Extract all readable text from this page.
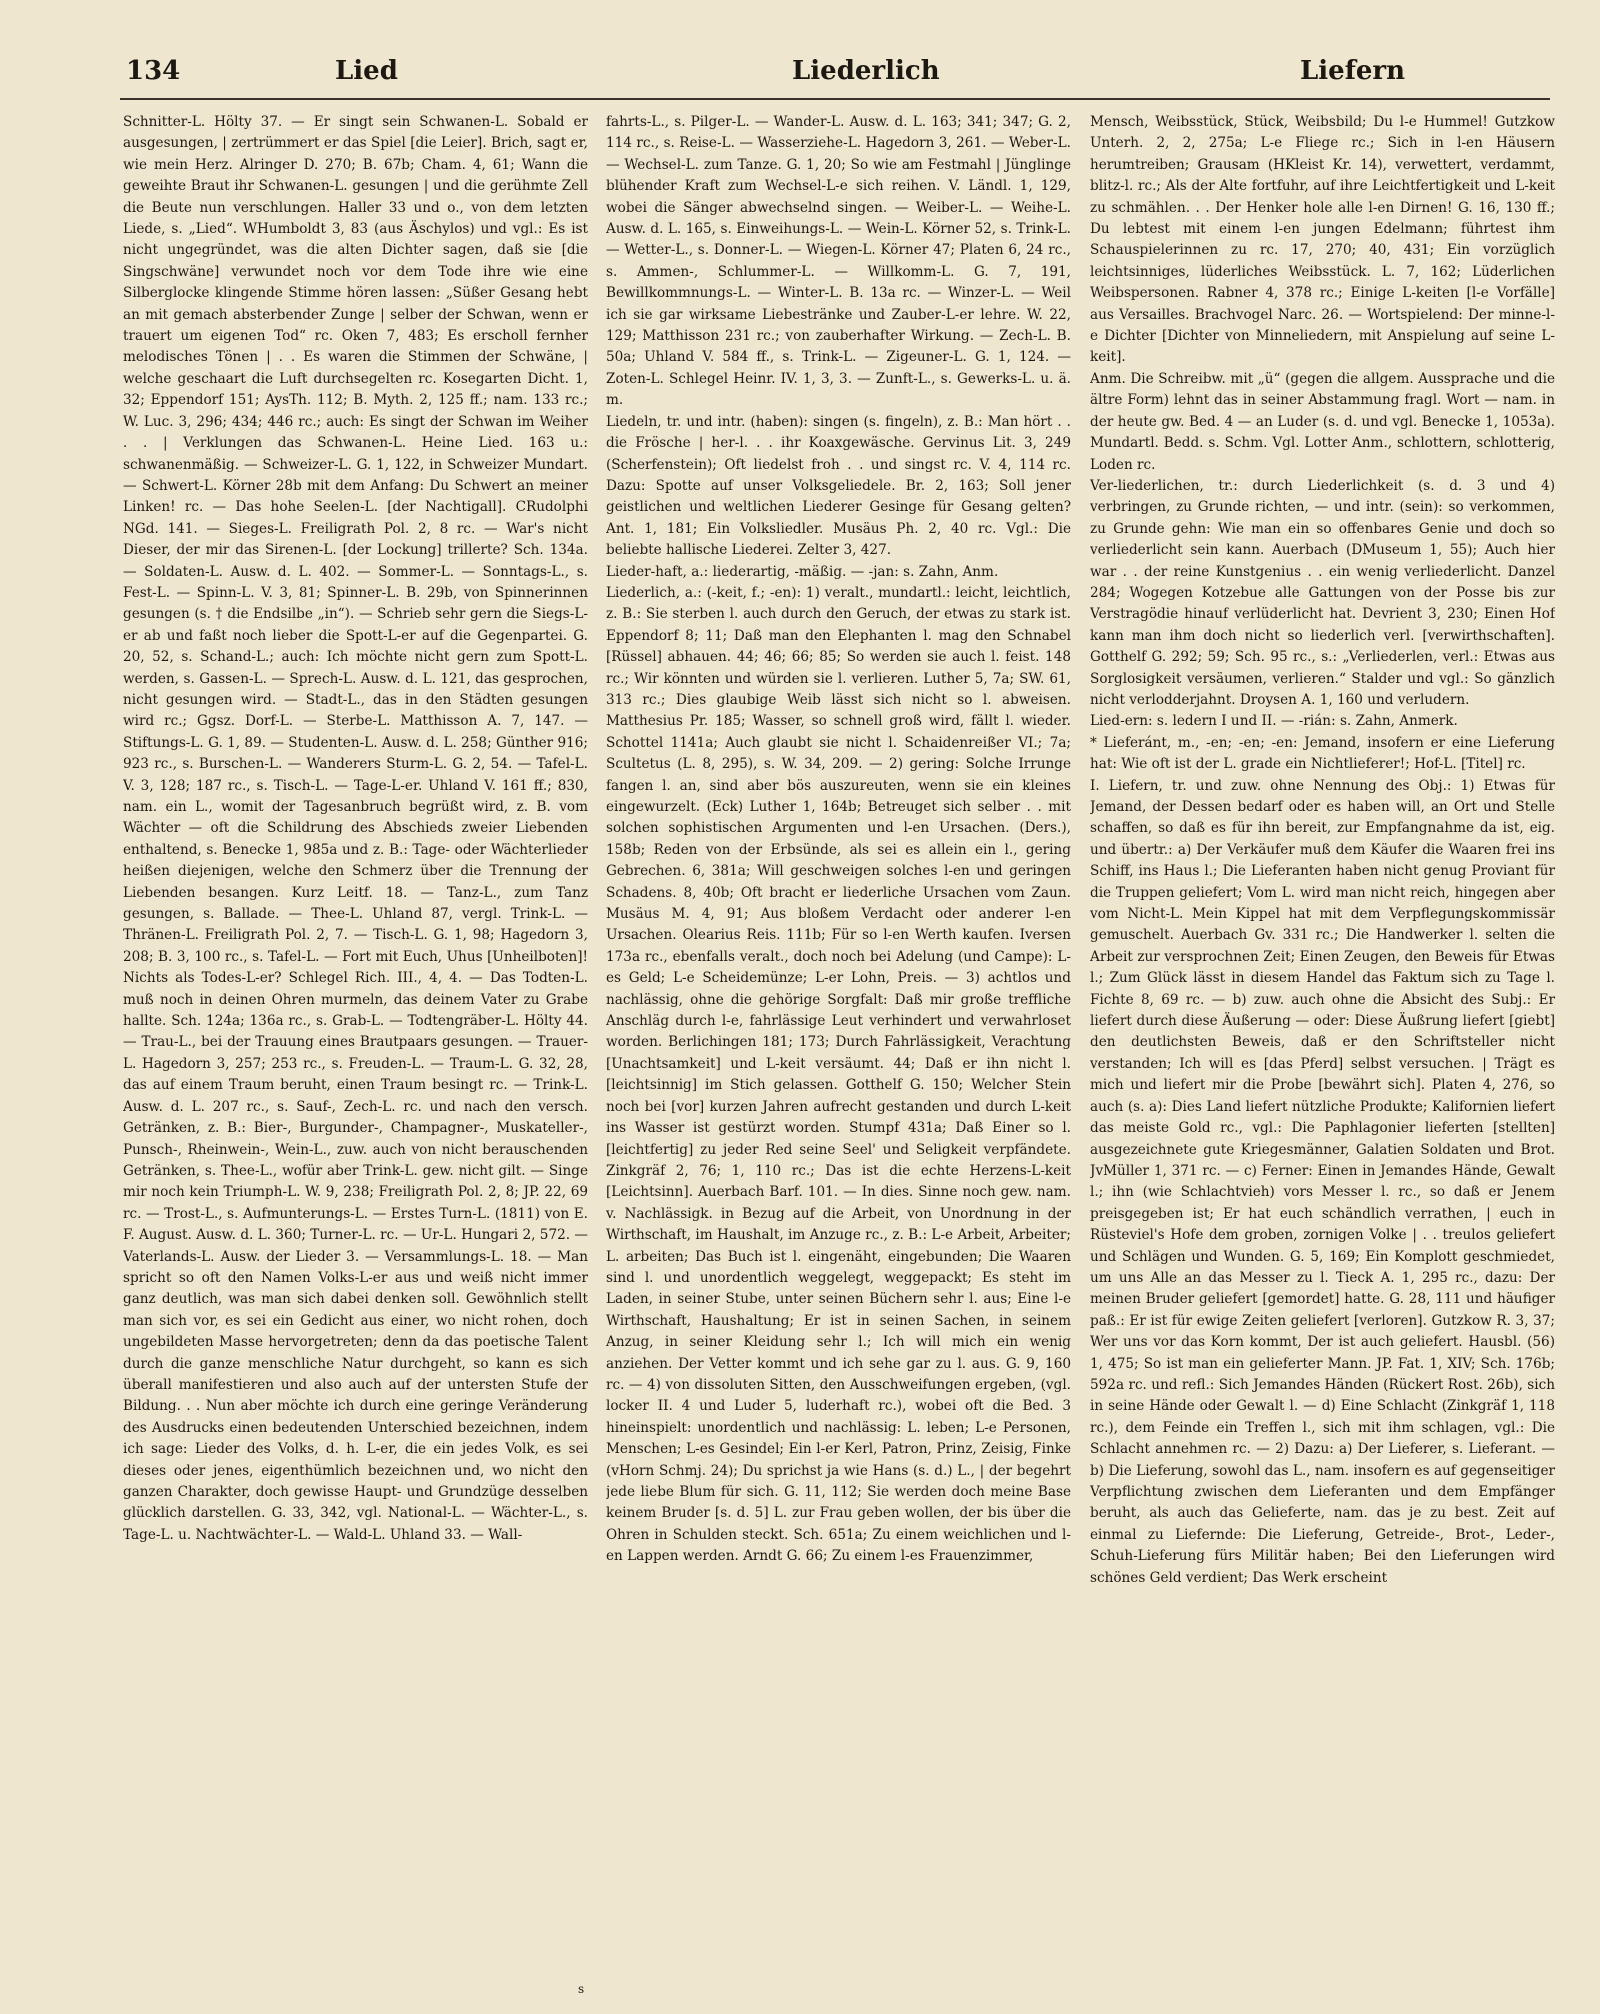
134	Lied	Liederlich	Liefern

Schnitter-L. Hölty 37. — Er singt sein Schwanen-L. Sobald er ausgesungen, | zertrümmert er das Spiel [die Leier]. Brich, sagt er, wie mein Herz. Alringer D. 270; B. 67b; Cham. 4, 61; Wann die geweihte Braut ihr Schwanen-L. gesungen | und die gerühmte Zell die Beute nun verschlungen. Haller 33 und o., von dem letzten Liede, s. „Lied“. WHumboldt 3, 83 (aus Äschylos) und vgl.: Es ist nicht ungegründet, was die alten Dichter sagen, daß sie [die Singschwäne] verwundet noch vor dem Tode ihre wie eine Silberglocke klingende Stimme hören lassen: „Süßer Gesang hebt an mit gemach absterbender Zunge | selber der Schwan, wenn er trauert um eigenen Tod“ rc. Oken 7, 483; Es erscholl fernher melodisches Tönen | . . Es waren die Stimmen der Schwäne, | welche geschaart die Luft durchsegelten rc. Kosegarten Dicht. 1, 32; Eppendorf 151; AysTh. 112; B. Myth. 2, 125 ff.; nam. 133 rc.; W. Luc. 3, 296; 434; 446 rc.; auch: Es singt der Schwan im Weiher . . | Verklungen das Schwanen-L. Heine Lied. 163 u.: schwanenmäßig. — Schweizer-L. G. 1, 122, in Schweizer Mundart. — Schwert-L. Körner 28b mit dem Anfang: Du Schwert an meiner Linken! rc. — Das hohe Seelen-L. [der Nachtigall]. CRudolphi NGd. 141. — Sieges-L. Freiligrath Pol. 2, 8 rc. — War's nicht Dieser, der mir das Sirenen-L. [der Lockung] trillerte? Sch. 134a. — Soldaten-L. Ausw. d. L. 402. — Sommer-L. — Sonntags-L., s. Fest-L. — Spinn-L. V. 3, 81; Spinner-L. B. 29b, von Spinnerinnen gesungen (s. † die Endsilbe „in“). — Schrieb sehr gern die Siegs-L-er ab und faßt noch lieber die Spott-L-er auf die Gegenpartei. G. 20, 52, s. Schand-L.; auch: Ich möchte nicht gern zum Spott-L. werden, s. Gassen-L. — Sprech-L. Ausw. d. L. 121, das gesprochen, nicht gesungen wird. — Stadt-L., das in den Städten gesungen wird rc.; Ggsz. Dorf-L. — Sterbe-L. Matthisson A. 7, 147. — Stiftungs-L. G. 1, 89. — Studenten-L. Ausw. d. L. 258; Günther 916; 923 rc., s. Burschen-L. — Wanderers Sturm-L. G. 2, 54. — Tafel-L. V. 3, 128; 187 rc., s. Tisch-L. — Tage-L-er. Uhland V. 161 ff.; 830, nam. ein L., womit der Tagesanbruch begrüßt wird, z. B. vom Wächter — oft die Schildrung des Abschieds zweier Liebenden enthaltend, s. Benecke 1, 985a und z. B.: Tage- oder Wächterlieder heißen diejenigen, welche den Schmerz über die Trennung der Liebenden besangen. Kurz Leitf. 18. — Tanz-L., zum Tanz gesungen, s. Ballade. — Thee-L. Uhland 87, vergl. Trink-L. — Thränen-L. Freiligrath Pol. 2, 7. — Tisch-L. G. 1, 98; Hagedorn 3, 208; B. 3, 100 rc., s. Tafel-L. — Fort mit Euch, Uhus [Unheilboten]! Nichts als Todes-L-er? Schlegel Rich. III., 4, 4. — Das Todten-L. muß noch in deinen Ohren murmeln, das deinem Vater zu Grabe hallte. Sch. 124a; 136a rc., s. Grab-L. — Todtengräber-L. Hölty 44. — Trau-L., bei der Trauung eines Brautpaars gesungen. — Trauer-L. Hagedorn 3, 257; 253 rc., s. Freuden-L. — Traum-L. G. 32, 28, das auf einem Traum beruht, einen Traum besingt rc. — Trink-L. Ausw. d. L. 207 rc., s. Sauf-, Zech-L. rc. und nach den versch. Getränken, z. B.: Bier-, Burgunder-, Champagner-, Muskateller-, Punsch-, Rheinwein-, Wein-L., zuw. auch von nicht berauschenden Getränken, s. Thee-L., wofür aber Trink-L. gew. nicht gilt. — Singe mir noch kein Triumph-L. W. 9, 238; Freiligrath Pol. 2, 8; JP. 22, 69 rc. — Trost-L., s. Aufmunterungs-L. — Erstes Turn-L. (1811) von E. F. August. Ausw. d. L. 360; Turner-L. rc. — Ur-L. Hungari 2, 572. — Vaterlands-L. Ausw. der Lieder 3. — Versammlungs-L. 18. — Man spricht so oft den Namen Volks-L-er aus und weiß nicht immer ganz deutlich, was man sich dabei denken soll. Gewöhnlich stellt man sich vor, es sei ein Gedicht aus einer, wo nicht rohen, doch ungebildeten Masse hervorgetreten; denn da das poetische Talent durch die ganze menschliche Natur durchgeht, so kann es sich überall manifestieren und also auch auf der untersten Stufe der Bildung. . . Nun aber möchte ich durch eine geringe Veränderung des Ausdrucks einen bedeutenden Unterschied bezeichnen, indem ich sage: Lieder des Volks, d. h. L-er, die ein jedes Volk, es sei dieses oder jenes, eigenthümlich bezeichnen und, wo nicht den ganzen Charakter, doch gewisse Haupt- und Grundzüge desselben glücklich darstellen. G. 33, 342, vgl. National-L. — Wächter-L., s. Tage-L. u. Nachtwächter-L. — Wald-L. Uhland 33. — Wall-

fahrts-L., s. Pilger-L. — Wander-L. Ausw. d. L. 163; 341; 347; G. 2, 114 rc., s. Reise-L. — Wasserziehe-L. Hagedorn 3, 261. — Weber-L. — Wechsel-L. zum Tanze. G. 1, 20; So wie am Festmahl | Jünglinge blühender Kraft zum Wechsel-L-e sich reihen. V. Ländl. 1, 129, wobei die Sänger abwechselnd singen. — Weiber-L. — Weihe-L. Ausw. d. L. 165, s. Einweihungs-L. — Wein-L. Körner 52, s. Trink-L. — Wetter-L., s. Donner-L. — Wiegen-L. Körner 47; Platen 6, 24 rc., s. Ammen-, Schlummer-L. — Willkomm-L. G. 7, 191, Bewillkommnungs-L. — Winter-L. B. 13a rc. — Winzer-L. — Weil ich sie gar wirksame Liebestränke und Zauber-L-er lehre. W. 22, 129; Matthisson 231 rc.; von zauberhafter Wirkung. — Zech-L. B. 50a; Uhland V. 584 ff., s. Trink-L. — Zigeuner-L. G. 1, 124. — Zoten-L. Schlegel Heinr. IV. 1, 3, 3. — Zunft-L., s. Gewerks-L. u. ä. m.

Liedeln, tr. und intr. (haben): singen (s. fingeln), z. B.: Man hört . . die Frösche | her-l. . . ihr Koaxgewäsche. Gervinus Lit. 3, 249 (Scherfenstein); Oft liedelst froh . . und singst rc. V. 4, 114 rc. Dazu: Spotte auf unser Volksgeliedele. Br. 2, 163; Soll jener geistlichen und weltlichen Liederer Gesinge für Gesang gelten? Ant. 1, 181; Ein Volksliedler. Musäus Ph. 2, 40 rc. Vgl.: Die beliebte hallische Liederei. Zelter 3, 427.

Lieder-haft, a.: liederartig, -mäßig. — -jan: s. Zahn, Anm.

Liederlich, a.: (-keit, f.; -en): 1) veralt., mundartl.: leicht, leichtlich, z. B.: Sie sterben l. auch durch den Geruch, der etwas zu stark ist. Eppendorf 8; 11; Daß man den Elephanten l. mag den Schnabel [Rüssel] abhauen. 44; 46; 66; 85; So werden sie auch l. feist. 148 rc.; Wir könnten und würden sie l. verlieren. Luther 5, 7a; SW. 61, 313 rc.; Dies glaubige Weib lässt sich nicht so l. abweisen. Matthesius Pr. 185; Wasser, so schnell groß wird, fällt l. wieder. Schottel 1141a; Auch glaubt sie nicht l. Schaidenreißer VI.; 7a; Scultetus (L. 8, 295), s. W. 34, 209. — 2) gering: Solche Irrunge fangen l. an, sind aber bös auszureuten, wenn sie ein kleines eingewurzelt. (Eck) Luther 1, 164b; Betreuget sich selber . . mit solchen sophistischen Argumenten und l-en Ursachen. (Ders.), 158b; Reden von der Erbsünde, als sei es allein ein l., gering Gebrechen. 6, 381a; Will geschweigen solches l-en und geringen Schadens. 8, 40b; Oft bracht er liederliche Ursachen vom Zaun. Musäus M. 4, 91; Aus bloßem Verdacht oder anderer l-en Ursachen. Olearius Reis. 111b; Für so l-en Werth kaufen. Iversen 173a rc., ebenfalls veralt., doch noch bei Adelung (und Campe): L-es Geld; L-e Scheidemünze; L-er Lohn, Preis. — 3) achtlos und nachlässig, ohne die gehörige Sorgfalt: Daß mir große treffliche Anschläg durch l-e, fahrlässige Leut verhindert und verwahrloset worden. Berlichingen 181; 173; Durch Fahrlässigkeit, Verachtung [Unachtsamkeit] und L-keit versäumt. 44; Daß er ihn nicht l. [leichtsinnig] im Stich gelassen. Gotthelf G. 150; Welcher Stein noch bei [vor] kurzen Jahren aufrecht gestanden und durch L-keit ins Wasser ist gestürzt worden. Stumpf 431a; Daß Einer so l. [leichtfertig] zu jeder Red seine Seel' und Seligkeit verpfändete. Zinkgräf 2, 76; 1, 110 rc.; Das ist die echte Herzens-L-keit [Leichtsinn]. Auerbach Barf. 101. — In dies. Sinne noch gew. nam. v. Nachlässigk. in Bezug auf die Arbeit, von Unordnung in der Wirthschaft, im Haushalt, im Anzuge rc., z. B.: L-e Arbeit, Arbeiter; L. arbeiten; Das Buch ist l. eingenäht, eingebunden; Die Waaren sind l. und unordentlich weggelegt, weggepackt; Es steht im Laden, in seiner Stube, unter seinen Büchern sehr l. aus; Eine l-e Wirthschaft, Haushaltung; Er ist in seinen Sachen, in seinem Anzug, in seiner Kleidung sehr l.; Ich will mich ein wenig anziehen. Der Vetter kommt und ich sehe gar zu l. aus. G. 9, 160 rc. — 4) von dissoluten Sitten, den Ausschweifungen ergeben, (vgl. locker II. 4 und Luder 5, luderhaft rc.), wobei oft die Bed. 3 hineinspielt: unordentlich und nachlässig: L. leben; L-e Personen, Menschen; L-es Gesindel; Ein l-er Kerl, Patron, Prinz, Zeisig, Finke (vHorn Schmj. 24); Du sprichst ja wie Hans (s. d.) L., | der begehrt jede liebe Blum für sich. G. 11, 112; Sie werden doch meine Base keinem Bruder [s. d. 5] L. zur Frau geben wollen, der bis über die Ohren in Schulden steckt. Sch. 651a; Zu einem weichlichen und l-en Lappen werden. Arndt G. 66; Zu einem l-es Frauenzimmer,

Mensch, Weibsstück, Stück, Weibsbild; Du l-e Hummel! Gutzkow Unterh. 2, 2, 275a; L-e Fliege rc.; Sich in l-en Häusern herumtreiben; Grausam (HKleist Kr. 14), verwettert, verdammt, blitz-l. rc.; Als der Alte fortfuhr, auf ihre Leichtfertigkeit und L-keit zu schmählen. . . Der Henker hole alle l-en Dirnen! G. 16, 130 ff.; Du lebtest mit einem l-en jungen Edelmann; führtest ihm Schauspielerinnen zu rc. 17, 270; 40, 431; Ein vorzüglich leichtsinniges, lüderliches Weibsstück. L. 7, 162; Lüderlichen Weibspersonen. Rabner 4, 378 rc.; Einige L-keiten [l-e Vorfälle] aus Versailles. Brachvogel Narc. 26. — Wortspielend: Der minne-l-e Dichter [Dichter von Minneliedern, mit Anspielung auf seine L-keit].

Anm. Die Schreibw. mit „ü“ (gegen die allgem. Aussprache und die ältre Form) lehnt das in seiner Abstammung fragl. Wort — nam. in der heute gw. Bed. 4 — an Luder (s. d. und vgl. Benecke 1, 1053a). Mundartl. Bedd. s. Schm. Vgl. Lotter Anm., schlottern, schlotterig, Loden rc.

Ver-liederlichen, tr.: durch Liederlichkeit (s. d. 3 und 4) verbringen, zu Grunde richten, — und intr. (sein): so verkommen, zu Grunde gehn: Wie man ein so offenbares Genie und doch so verliederlicht sein kann. Auerbach (DMuseum 1, 55); Auch hier war . . der reine Kunstgenius . . ein wenig verliederlicht. Danzel 284; Wogegen Kotzebue alle Gattungen von der Posse bis zur Verstragödie hinauf verlüderlicht hat. Devrient 3, 230; Einen Hof kann man ihm doch nicht so liederlich verl. [verwirthschaften]. Gotthelf G. 292; 59; Sch. 95 rc., s.: „Verliederlen, verl.: Etwas aus Sorglosigkeit versäumen, verlieren.“ Stalder und vgl.: So gänzlich nicht verlodderjahnt. Droysen A. 1, 160 und verludern.

Lied-ern: s. ledern I und II. — -rián: s. Zahn, Anmerk.

* Lieferánt, m., -en; -en; -en: Jemand, insofern er eine Lieferung hat: Wie oft ist der L. grade ein Nichtlieferer!; Hof-L. [Titel] rc.

I. Liefern, tr. und zuw. ohne Nennung des Obj.: 1) Etwas für Jemand, der Dessen bedarf oder es haben will, an Ort und Stelle schaffen, so daß es für ihn bereit, zur Empfangnahme da ist, eig. und übertr.: a) Der Verkäufer muß dem Käufer die Waaren frei ins Schiff, ins Haus l.; Die Lieferanten haben nicht genug Proviant für die Truppen geliefert; Vom L. wird man nicht reich, hingegen aber vom Nicht-L. Mein Kippel hat mit dem Verpflegungskommissär gemuschelt. Auerbach Gv. 331 rc.; Die Handwerker l. selten die Arbeit zur versprochnen Zeit; Einen Zeugen, den Beweis für Etwas l.; Zum Glück lässt in diesem Handel das Faktum sich zu Tage l. Fichte 8, 69 rc. — b) zuw. auch ohne die Absicht des Subj.: Er liefert durch diese Äußerung — oder: Diese Äußrung liefert [giebt] den deutlichsten Beweis, daß er den Schriftsteller nicht verstanden; Ich will es [das Pferd] selbst versuchen. | Trägt es mich und liefert mir die Probe [bewährt sich]. Platen 4, 276, so auch (s. a): Dies Land liefert nützliche Produkte; Kalifornien liefert das meiste Gold rc., vgl.: Die Paphlagonier lieferten [stellten] ausgezeichnete gute Kriegesmänner, Galatien Soldaten und Brot. JvMüller 1, 371 rc. — c) Ferner: Einen in Jemandes Hände, Gewalt l.; ihn (wie Schlachtvieh) vors Messer l. rc., so daß er Jenem preisgegeben ist; Er hat euch schändlich verrathen, | euch in Rüsteviel's Hofe dem groben, zornigen Volke | . . treulos geliefert und Schlägen und Wunden. G. 5, 169; Ein Komplott geschmiedet, um uns Alle an das Messer zu l. Tieck A. 1, 295 rc., dazu: Der meinen Bruder geliefert [gemordet] hatte. G. 28, 111 und häufiger paß.: Er ist für ewige Zeiten geliefert [verloren]. Gutzkow R. 3, 37; Wer uns vor das Korn kommt, Der ist auch geliefert. Hausbl. (56) 1, 475; So ist man ein gelieferter Mann. JP. Fat. 1, XIV; Sch. 176b; 592a rc. und refl.: Sich Jemandes Händen (Rückert Rost. 26b), sich in seine Hände oder Gewalt l. — d) Eine Schlacht (Zinkgräf 1, 118 rc.), dem Feinde ein Treffen l., sich mit ihm schlagen, vgl.: Die Schlacht annehmen rc. — 2) Dazu: a) Der Lieferer, s. Lieferant. — b) Die Lieferung, sowohl das L., nam. insofern es auf gegenseitiger Verpflichtung zwischen dem Lieferanten und dem Empfänger beruht, als auch das Gelieferte, nam. das je zu best. Zeit auf einmal zu Liefernde: Die Lieferung, Getreide-, Brot-, Leder-, Schuh-Lieferung fürs Militär haben; Bei den Lieferungen wird schönes Geld verdient; Das Werk erscheint

s
